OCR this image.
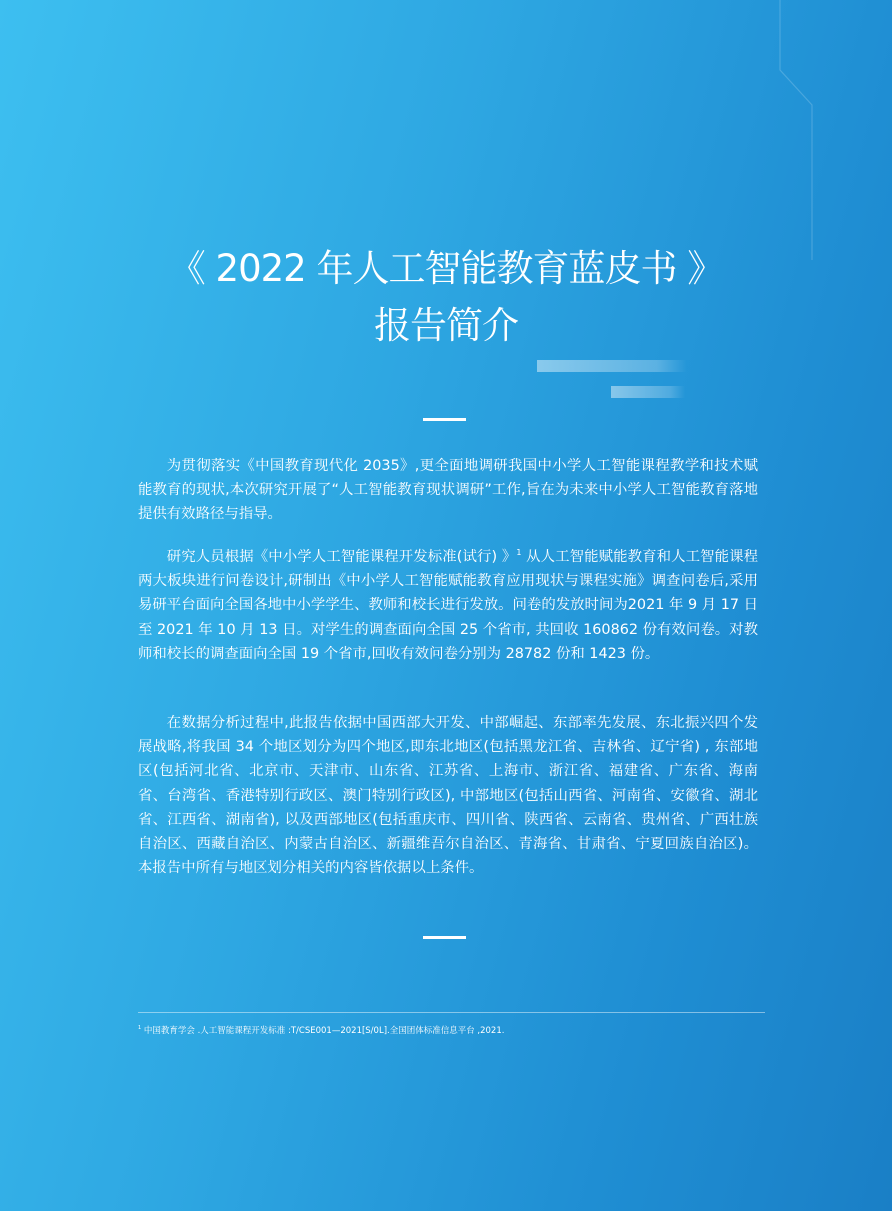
《 2022 年人工智能教育蓝皮书 》
报告简介

为贯彻落实《中国教育现代化 2035》,更全面地调研我国中小学人工智能课程教学和技术赋能教育的现状,本次研究开展了“人工智能教育现状调研”工作,旨在为未来中小学人工智能教育落地提供有效路径与指导。

研究人员根据《中小学人工智能课程开发标准(试行) 》$^1$ 从人工智能赋能教育和人工智能课程两大板块进行问卷设计,研制出《中小学人工智能赋能教育应用现状与课程实施》调查问卷后,采用易研平台面向全国各地中小学学生、教师和校长进行发放。问卷的发放时间为2021 年 9 月 17 日至 2021 年 10 月 13 日。对学生的调查面向全国 25 个省市, 共回收 160862 份有效问卷。对教师和校长的调查面向全国 19 个省市,回收有效问卷分别为 28782 份和 1423 份。

在数据分析过程中,此报告依据中国西部大开发、中部崛起、东部率先发展、东北振兴四个发展战略,将我国 34 个地区划分为四个地区,即东北地区(包括黑龙江省、吉林省、辽宁省) , 东部地区(包括河北省、北京市、天津市、山东省、江苏省、上海市、浙江省、福建省、广东省、海南省、台湾省、香港特别行政区、澳门特别行政区), 中部地区(包括山西省、河南省、安徽省、湖北省、江西省、湖南省), 以及西部地区(包括重庆市、四川省、陕西省、云南省、贵州省、广西壮族自治区、西藏自治区、内蒙古自治区、新疆维吾尔自治区、青海省、甘肃省、宁夏回族自治区)。本报告中所有与地区划分相关的内容皆依据以上条件。

$^1$ 中国教育学会 .人工智能课程开发标准 :T/CSE001—2021[S/0L].全国团体标准信息平台 ,2021.
